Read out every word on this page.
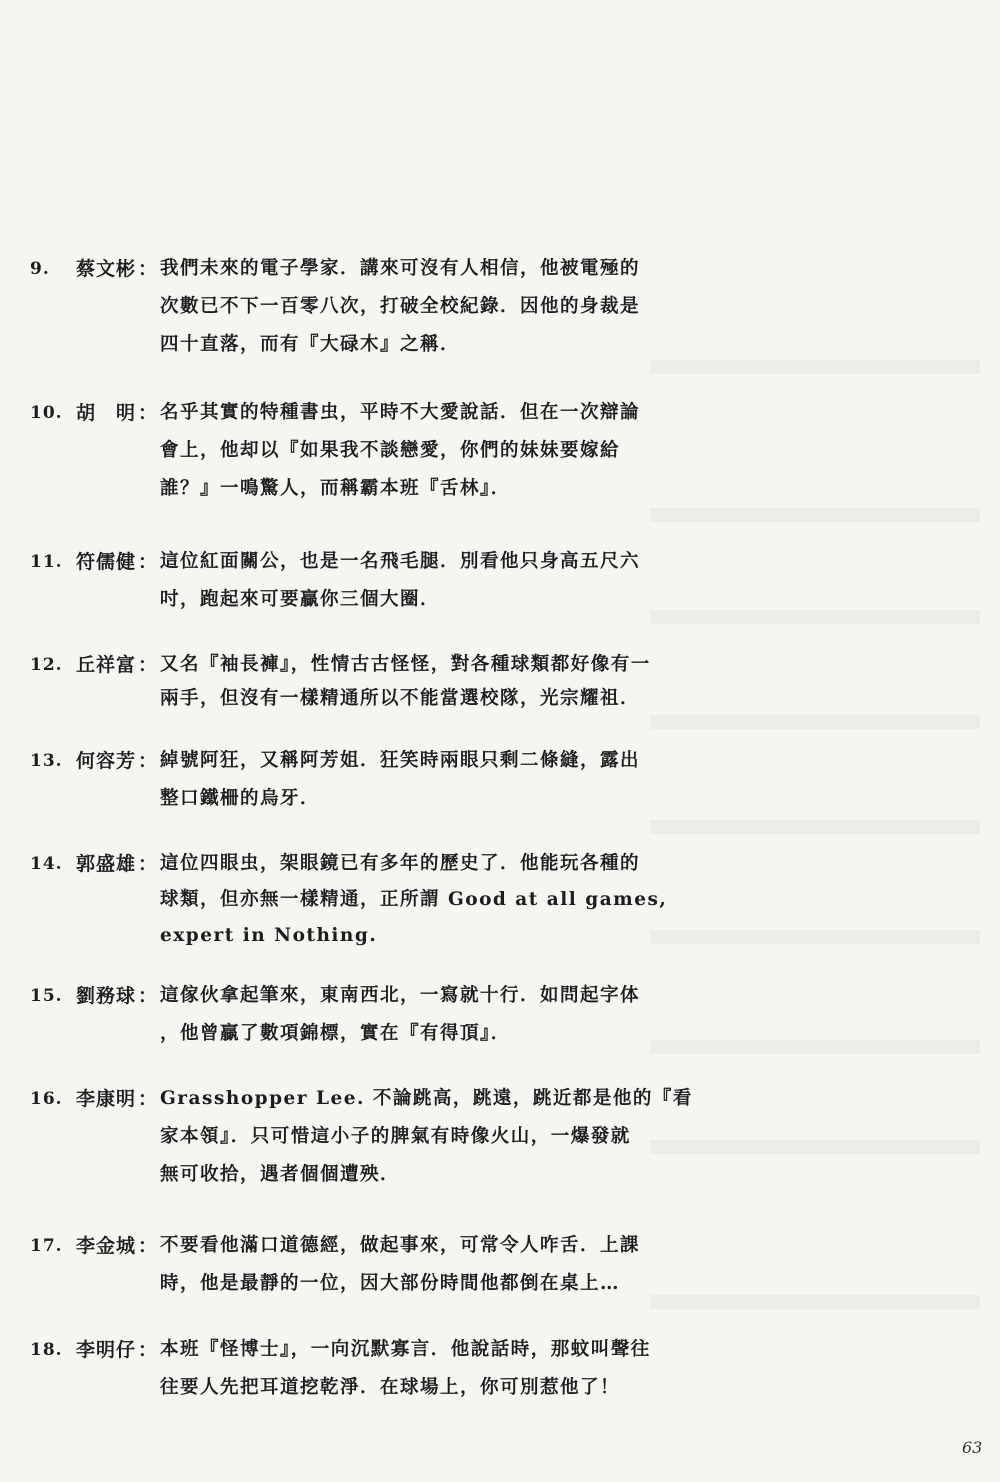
9.	蔡文彬 ： 我們未來的電子學家．講來可沒有人相信，他被電殛的
次數已不下一百零八次，打破全校紀錄．因他的身裁是
四十直落，而有『大碌木』之稱．
10. 胡　明 ： 名乎其實的特種書虫，平時不大愛說話．但在一次辯論
會上，他却以『如果我不談戀愛，你們的妹妹要嫁給
誰？』一鳴驚人，而稱霸本班『舌林』．
11. 符儒健 ： 這位紅面關公，也是一名飛毛腿．別看他只身高五尺六
吋，跑起來可要贏你三個大圈．
12. 丘祥富 ： 又名『袖長褲』，性情古古怪怪，對各種球類都好像有一
兩手，但沒有一樣精通所以不能當選校隊，光宗耀祖．
13. 何容芳 ： 綽號阿狂，又稱阿芳姐．狂笑時兩眼只剩二條縫，露出
整口鐵柵的烏牙．
14. 郭盛雄 ： 這位四眼虫，架眼鏡已有多年的歷史了．他能玩各種的
球類，但亦無一樣精通，正所謂 Good at all games,
expert in Nothing.
15. 劉務球 ： 這傢伙拿起筆來，東南西北，一寫就十行．如問起字体
，他曾贏了數項錦標，實在『有得頂』．
16. 李康明 ： Grasshopper Lee. 不論跳高，跳遠，跳近都是他的『看
家本領』．只可惜這小子的脾氣有時像火山，一爆發就
無可收拾，遇者個個遭殃．
17. 李金城 ： 不要看他滿口道德經，做起事來，可常令人咋舌．上課
時，他是最靜的一位，因大部份時間他都倒在桌上…
18. 李明仔 ： 本班『怪博士』，一向沉默寡言．他說話時，那蚊叫聲往
往要人先把耳道挖乾淨．在球場上，你可別惹他了！
63
